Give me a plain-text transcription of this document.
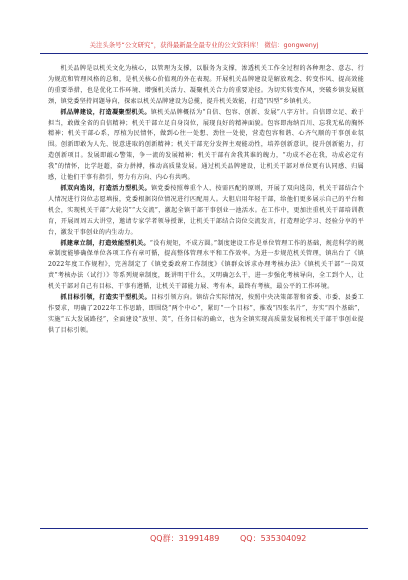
关注头条号“公文研究”，获得最新最全最专业的公文资料库！ 微信：gongwenyj

机关品牌是以机关文化为核心，以管理为支撑，以服务为支撑，渗透机关工作全过程的各种理念、意志、行为规范和管理风格的总和，是机关核心价值观的外在表现。开展机关品牌建设是解放观念、转变作风、提高效能的重要举措，也是优化工作环境、增强机关活力、凝聚机关合力的重要途径。为切实转变作风，突破乡镇发展瓶颈，镇党委坚持问题导向，探索以机关品牌建设为总揽，提升机关效能，打造“四型”乡镇机关。

抓品牌建设，打造凝聚型机关。镇机关品牌概括为“自信、包容、创新、发展”八字方针。自信即立足、敢于担当，敢做全省的自信精神；机关干部立足自身岗位，展现良好的精神面貌。包容即海纳百川、忘我无私的胸怀精神；机关干部心系，厚植为民情怀，做到心往一处想、劲往一处使，营造包容和谐、心齐气顺的干事创业氛围。创新即敢为人先、锐意进取的创新精神；机关干部充分发挥主观能动性，培养创新意识，提升创新能力，打造创新项目。发展即敲心警策，争一流的发展精神；机关干部有舍我其谁的魄力，“功成不必在我，功成必定有我”的情怀，比学赶超，奋力拼搏，推动高质量发展。通过机关品牌建设，让机关干部对单位更有认同感、归属感，让他们干事有指引，努力有方向、内心有共鸣。

抓双向选岗，打造活力型机关。镇党委按照尊重个人、按需匹配的原则，开展了双向选岗，机关干部结合个人情况进行岗位志愿填报，党委根据岗位情况进行匹配用人。大胆启用年轻干部，给他们更多展示自己的平台和机会，实现机关干部“大轮岗”“大交流”，激起全镇干部干事创业一池活水。在工作中，更加注重机关干部培训教育，开展周周五大讲堂，邀请专家学者领导授课，让机关干部结合岗位交流发言，打造理论学习、经验分享的平台，激发干事创业的内生动力。

抓建章立制，打造效能型机关。“没有规矩，不成方圆。”制度建设工作是单位管理工作的基础，规范科学的规章制度能够确保单位各项工作有章可循，提高整体管理水平和工作效率。为进一步规范机关管理，镇出台了《镇2022年度工作规程》，完善制定了《镇党委政府工作制度》《镇群众诉求办理考核办法》《镇机关干部“一岗双责”考核办法（试行）》等系列规章制度，既讲明干什么，又明确怎么干，进一步强化考核导向，全工到个人，让机关干部对自己有目标、干事有遵循，让机关干部能力展、考有本，最终有考核，最公平的工作环境。

抓目标引领，打造实干型机关。目标引领方向。镇结合实际情况，按照中央决策部署和省委、市委、县委工作要求，明确了2022年工作思路，即围绕“两个中心”，紧盯“一个目标”，推戏“四张名片”，夯实“四个基础”，实施“五大发展路径”，全面建设“放里、美”，任务目标的确立，也为全镇实现高质量发展和机关干部干事创业提供了目标引领。

QQ群：31991489	QQ：535304092
